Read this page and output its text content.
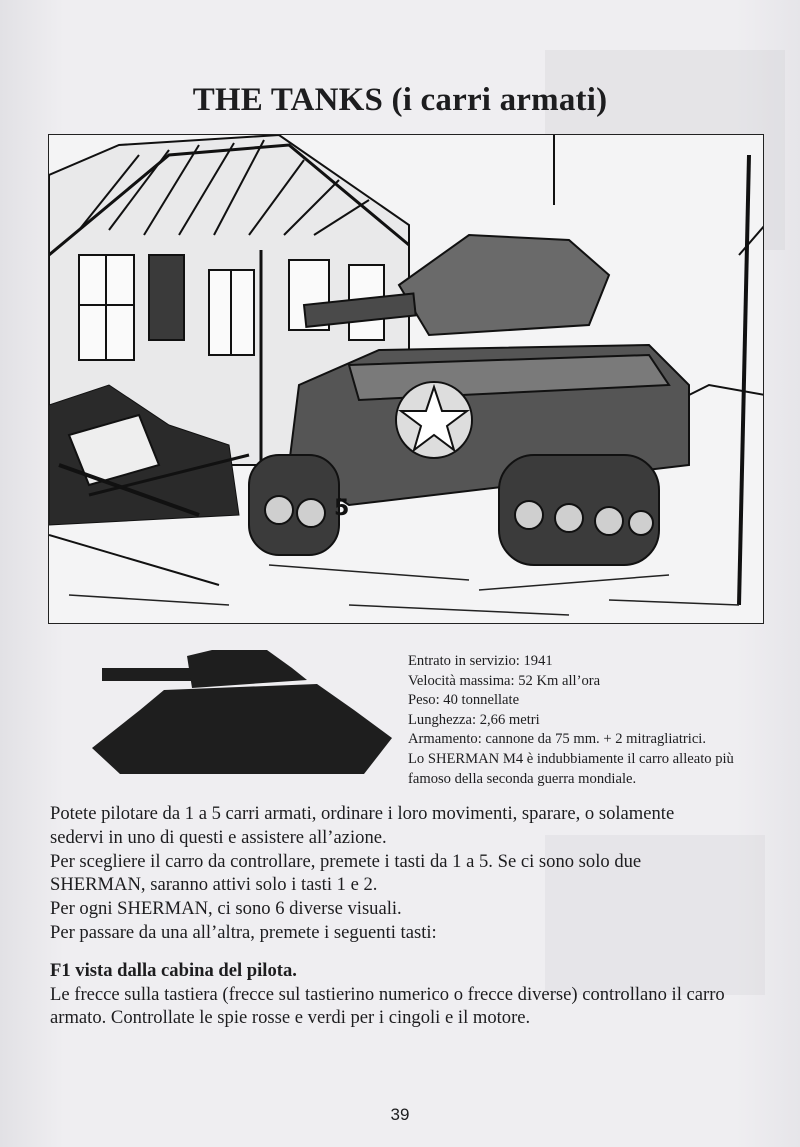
THE TANKS (i carri armati)
5
Entrato in servizio: 1941
Velocità massima: 52 Km all’ora
Peso: 40 tonnellate
Lunghezza: 2,66 metri
Armamento: cannone da 75 mm. + 2 mitragliatrici.
Lo SHERMAN M4 è indubbiamente il carro alleato più
famoso della seconda guerra mondiale.

Potete pilotare da 1 a 5 carri armati, ordinare i loro movimenti, sparare, o solamente

sedervi in uno di questi e assistere all’azione.

Per scegliere il carro da controllare, premete i tasti da 1 a 5. Se ci sono solo due

SHERMAN, saranno attivi solo i tasti 1 e 2.

Per ogni SHERMAN, ci sono 6 diverse visuali.

Per passare da una all’altra, premete i seguenti tasti:

F1 vista dalla cabina del pilota.

Le frecce sulla tastiera (frecce sul tastierino numerico o frecce diverse) controllano il carro

armato. Controllate le spie rosse e verdi per i cingoli e il motore.

39
